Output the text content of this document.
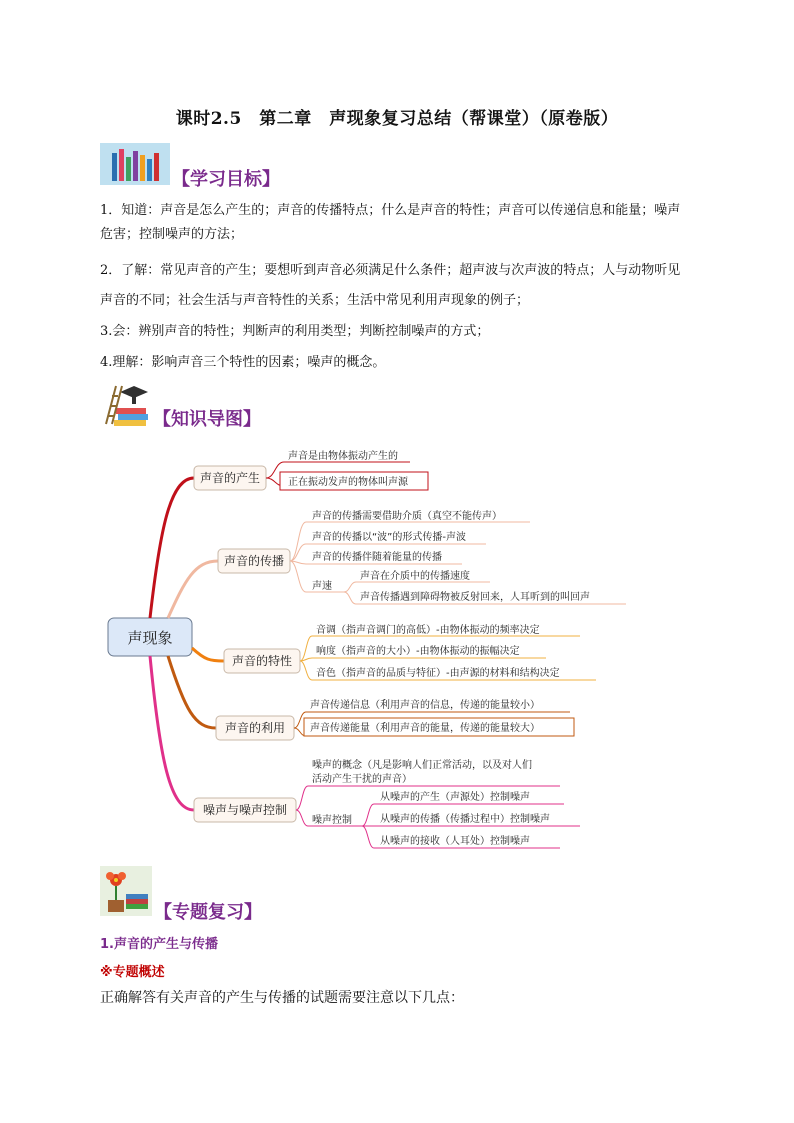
课时2.5　第二章　声现象复习总结（帮课堂）（原卷版）
【学习目标】
1．知道：声音是怎么产生的；声音的传播特点；什么是声音的特性；声音可以传递信息和能量；噪声
危害；控制噪声的方法；
2．了解：常见声音的产生；要想听到声音必须满足什么条件；超声波与次声波的特点；人与动物听见
声音的不同；社会生活与声音特性的关系；生活中常见利用声现象的例子；
3.会：辨别声音的特性；判断声的利用类型；判断控制噪声的方式；
4.理解：影响声音三个特性的因素；噪声的概念。
【知识导图】
声现象
声音的产生
声音是由物体振动产生的
正在振动发声的物体叫声源
声音的传播
声音的传播需要借助介质（真空不能传声）
声音的传播以“波”的形式传播-声波
声音的传播伴随着能量的传播
声速
声音在介质中的传播速度
声音传播遇到障碍物被反射回来，人耳听到的叫回声
声音的特性
音调（指声音调门的高低）-由物体振动的频率决定
响度（指声音的大小）-由物体振动的振幅决定
音色（指声音的品质与特征）-由声源的材料和结构决定
声音的利用
声音传递信息（利用声音的信息，传递的能量较小）
声音传递能量（利用声音的能量，传递的能量较大）
噪声与噪声控制
噪声的概念（凡是影响人们正常活动，以及对人们
活动产生干扰的声音）
噪声控制
从噪声的产生（声源处）控制噪声
从噪声的传播（传播过程中）控制噪声
从噪声的接收（人耳处）控制噪声
【专题复习】
1.声音的产生与传播
※专题概述
正确解答有关声音的产生与传播的试题需要注意以下几点：
